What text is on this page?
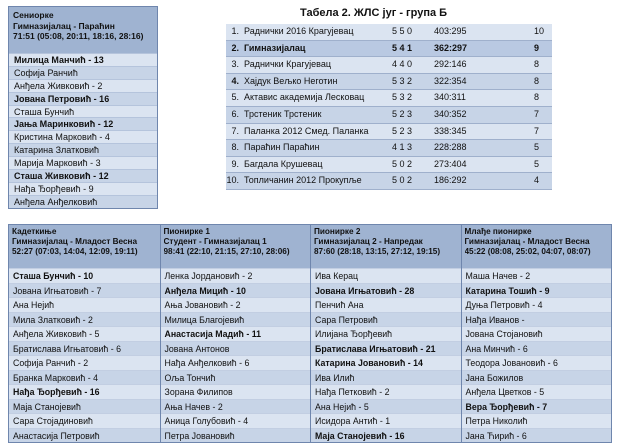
Сениорке
Гимназијалац - Параћин
71:51 (05:08, 20:11, 18:16, 28:16)
Милица Манчић - 13
Софија Ранчић
Анђела Живковић - 2
Јована Петровић - 16
Сташа Бунчић
Јања Маринковић - 12
Кристина Марковић - 4
Катарина Златковић
Марија Марковић - 3
Сташа Живковић - 12
Нађа Ђорђевић - 9
Анђела Анђелковић
Табела 2. ЖЛС југ - група Б
1.	Раднички 2016 Крагујевац	5 5 0	403:295	10
2.	Гимназијалац	5 4 1	362:297	9
3.	Раднички Крагујевац	4 4 0	292:146	8
4.	Хајдук Вељко Неготин	5 3 2	322:354	8
5.	Актавис академија Лесковац	5 3 2	340:311	8
6.	Трстеник Трстеник	5 2 3	340:352	7
7.	Паланка 2012 Смед. Паланка	5 2 3	338:345	7
8.	Параћин Параћин	4 1 3	228:288	5
9.	Багдала Крушевац	5 0 2	273:404	5
10.	Топличанин 2012 Прокупље	5 0 2	186:292	4
Кадеткиње
Гимназијалац - Младост Весна
52:27 (07:03, 14:04, 12:09, 19:11)
Сташа Бунчић - 10
Јована Игњатовић - 7
Ана Нејић
Мила Златковић - 2
Анђела Живковић - 5
Братислава Игњатовић - 6
Софија Ранчић - 2
Бранка Марковић - 4
Нађа Ђорђевић - 16
Маја Станојевић
Сара Стојадиновић
Анастасија Петровић
Пионирке 1
Студент - Гимназијалац 1
98:41 (22:10, 21:15, 27:10, 28:06)
Ленка Јордановић - 2
Анђела Мицић - 10
Ања Јовановић - 2
Милица Благојевић
Анастасија Мадић - 11
Јована Антонов
Нађа Анђелковић - 6
Оља Тончић
Зорана Филипов
Ања Начев - 2
Аница Голубовић - 4
Петра Јовановић
Пионирке 2
Гимназијалац 2 - Напредак
87:60 (28:18, 13:15, 27:12, 19:15)
Ива Керац
Јована Игњатовић - 28
Пенчић Ана
Сара Петровић
Илијана Ђорђевић
Братислава Игњатовић - 21
Катарина Јовановић - 14
Ива Илић
Нађа Петковић - 2
Ана Нејић - 5
Исидора Антић - 1
Маја Станојевић - 16
Млађе пионирке
Гимназијалац - Младост Весна
45:22 (08:08, 25:02, 04:07, 08:07)
Маша Начев - 2
Катарина Тошић - 9
Дуња Петровић - 4
Нађа Иванов -
Јована Стојановић
Ана Минчић - 6
Теодора Јовановић - 6
Јана Божилов
Анђела Цветков - 5
Вера Ђорђевић - 7
Петра Николић
Јана Ћирић - 6
